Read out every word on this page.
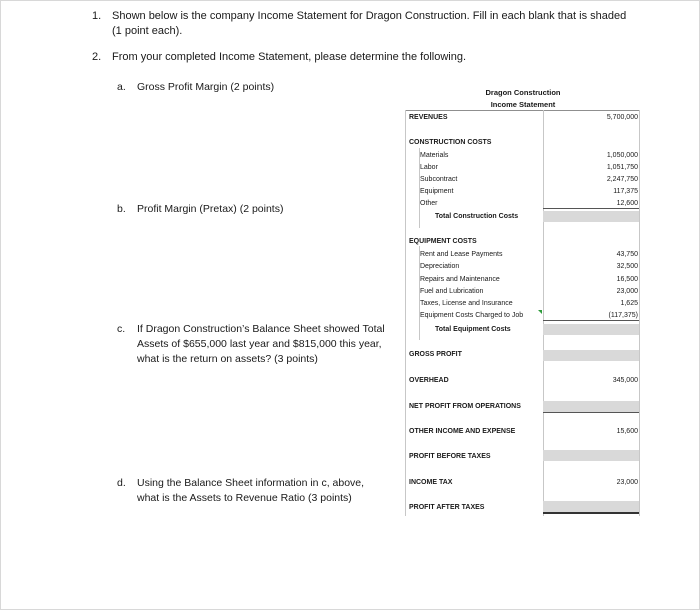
1. Shown below is the company Income Statement for Dragon Construction. Fill in each blank that is shaded (1 point each).
2. From your completed Income Statement, please determine the following.
a. Gross Profit Margin (2 points)
b. Profit Margin (Pretax) (2 points)
c. If Dragon Construction’s Balance Sheet showed Total Assets of $655,000 last year and $815,000 this year, what is the return on assets? (3 points)
d. Using the Balance Sheet information in c, above, what is the Assets to Revenue Ratio (3 points)
Dragon Construction
Income Statement
REVENUES	5,700,000
CONSTRUCTION COSTS
Materials	1,050,000
Labor	1,051,750
Subcontract	2,247,750
Equipment	117,375
Other	12,600
Total Construction Costs
EQUIPMENT COSTS
Rent and Lease Payments	43,750
Depreciation	32,500
Repairs and Maintenance	16,500
Fuel and Lubrication	23,000
Taxes, License and Insurance	1,625
Equipment Costs Charged to Job	(117,375)
Total Equipment Costs
GROSS PROFIT
OVERHEAD	345,000
NET PROFIT FROM OPERATIONS
OTHER INCOME AND EXPENSE	15,600
PROFIT BEFORE TAXES
INCOME TAX	23,000
PROFIT AFTER TAXES
